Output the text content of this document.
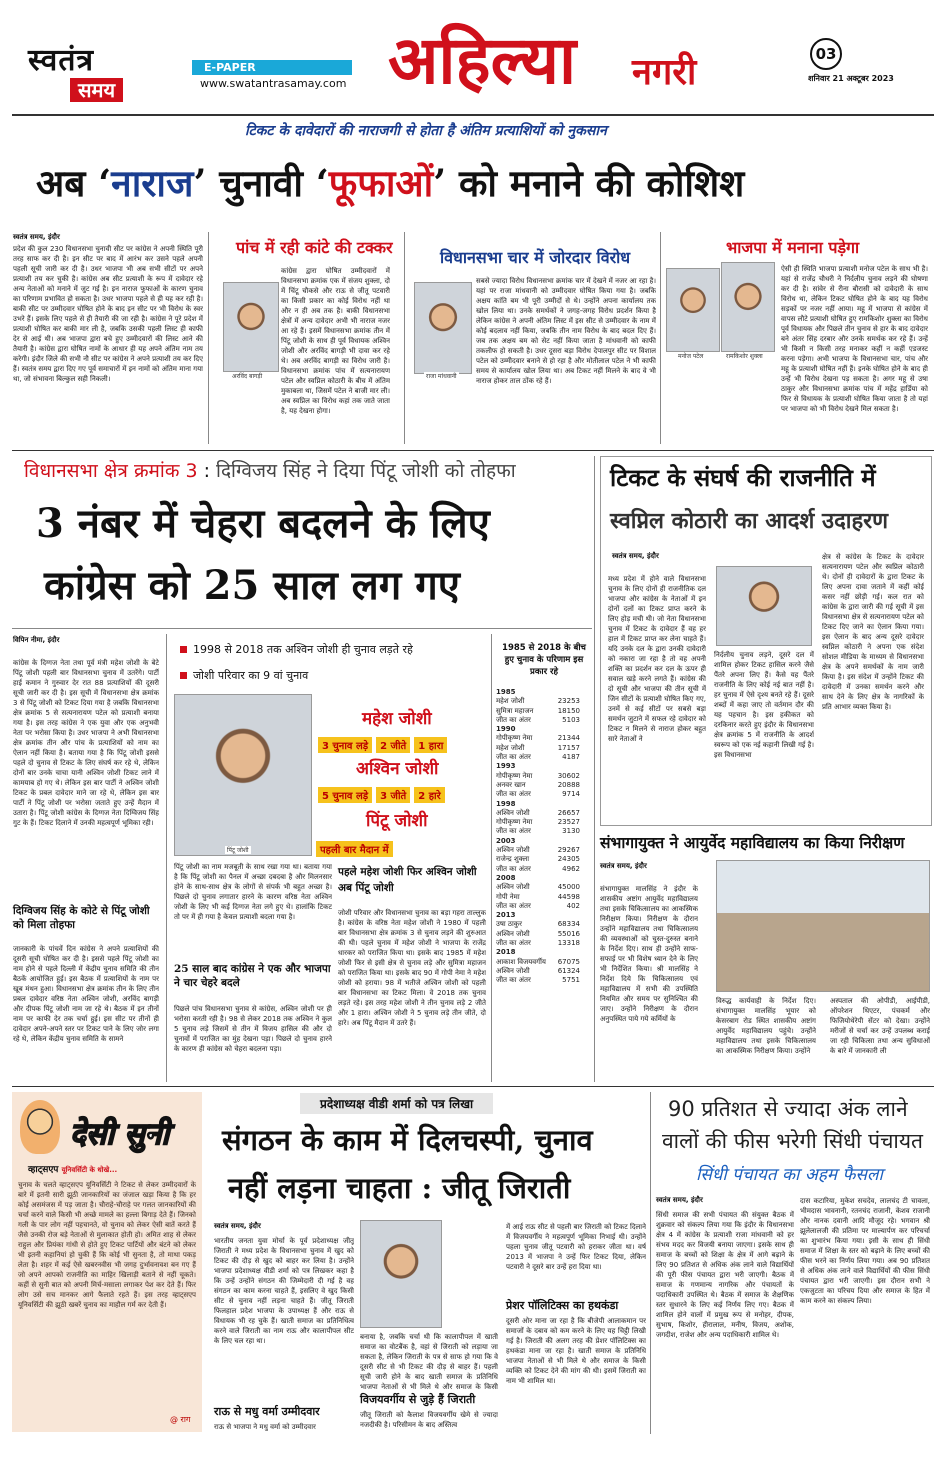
स्वतंत्र
समय
E-PAPER
www.swatantrasamay.com अहिल्या नगरी	03
शनिवार 21 अक्टूबर 2023
टिकट के दावेदारों की नाराजगी से होता है अंतिम प्रत्याशियों को नुकसान
अब ‘नाराज’ चुनावी ‘फूफाओं’ को मनाने की कोशिश
स्वतंत्र समय, इंदौर
प्रदेश की कुल 230 विधानसभा चुनावी सीट पर कांग्रेस ने अपनी स्थिति पूरी तरह साफ कर दी है। इन सीट पर बाद में आरंभ कर उसने पहले अपनी पहली सूची जारी कर दी है। उधर भाजपा भी अब सभी सीटों पर अपने प्रत्याशी तय कर चुकी है। कांग्रेस अब सीट प्रत्याशी के रूप में दावेदार रहे अन्य नेताओं को मनाने में जुट गई है। इन नाराज फूफाओं के कारण चुनाव का परिणाम प्रभावित हो सकता है। उधर भाजपा पहले से ही यह कर रही है। बाकी सीट पर उम्मीदवार घोषित होने के बाद इन सीट पर भी विरोध के स्वर उभरे हैं। इसके लिए पहले से ही तैयारी की जा रही है। कांग्रेस ने पूरे प्रदेश में प्रत्याशी घोषित कर बाकी मार ली है, जबकि उसकी पहली लिस्ट ही काफी देर से आई थी। अब भाजपा द्वारा बचे हुए उम्मीदवारों की लिस्ट आने की तैयारी है। कांग्रेस द्वारा घोषित नामों के आधार ही यह अपने अंतिम नाम तय करेगी। इंदौर जिले की सभी नौ सीट पर कांग्रेस ने अपने प्रत्याशी तय कर दिए हैं। स्वतंत्र समय द्वारा दिए गए पूर्व समाचारों में इन नामों को अंतिम माना गया था, जो संभावना बिल्कुल सही निकली।
पांच में रही कांटे की टक्कर
अरविंद बागड़ी
कांग्रेस द्वारा घोषित उम्मीदवारों में विधानसभा क्रमांक एक में संजय शुक्ला, दो में चिंटू चौकसे और राऊ से जीतू पटवारी का किसी प्रकार का कोई विरोध नहीं था और न ही अब तक है। बाकी विधानसभा क्षेत्रों में अन्य दावेदार अभी भी नाराज नजर आ रहे हैं। इसमें विधानसभा क्रमांक तीन में पिंटू जोशी के साथ ही पूर्व विधायक अश्विन जोशी और अरविंद बागड़ी भी दावा कर रहे थे। अब अरविंद बागड़ी का विरोध जारी है। विधानसभा क्रमांक पांच में सत्यनारायण पटेल और स्वप्निल कोठारी के बीच में अंतिम मुकाबला था, जिसमें पटेल ने बाजी मार ली। अब स्वप्निल का विरोध कहां तक जाते जाता है, यह देखना होगा।
विधानसभा चार में जोरदार विरोध
राजा मांधवानी
सबसे ज्यादा विरोध विधानसभा क्रमांक चार में देखने में नजर आ रहा है। यहां पर राजा मांधवानी को उम्मीदवार घोषित किया गया है। जबकि अक्षय कांति बम भी पूरी उम्मीदों से थे। उन्होंने अपना कार्यालय तक खोल लिया था। उनके समर्थकों ने जगह-जगह विरोध प्रदर्शन किया है लेकिन कांग्रेस ने अपनी अंतिम लिस्ट में इस सीट से उम्मीदवार के नाम में कोई बदलाव नहीं किया, जबकि तीन नाम विरोध के बाद बदल दिए हैं। जब तक अक्षय बम को सेट नहीं किया जाता है मांधवानी को काफी तकलीफ हो सकती है। उधर दूसरा बड़ा विरोध देपालपुर सीट पर विशाल पटेल को उम्मीदवार बनाने से हो रहा है और मोतीलाल पटेल ने भी काफी समय से कार्यालय खोल लिया था। अब टिकट नहीं मिलने के बाद वे भी नाराज होकर ताल ठोंक रहे हैं।
भाजपा में मनाना पड़ेगा
मनोज पटेल	रामकिशोर शुक्ला
ऐसी ही स्थिति भाजपा प्रत्याशी मनोज पटेल के साथ भी है। यहां से राजेंद्र चौधरी ने निर्दलीय चुनाव लड़ने की घोषणा कर दी है। सांवेर से रीना बौरासी को दावेदारी के साथ विरोध था, लेकिन टिकट घोषित होने के बाद यह विरोध सड़कों पर नजर नहीं आया। महू में भाजपा से कांग्रेस में वापस लौटे प्रत्याशी घोषित हुए रामकिशोर शुक्ला का विरोध पूर्व विधायक और पिछले तीन चुनाव से हार के बाद दावेदार बने अंतर सिंह दरबार और उनके समर्थक कर रहे हैं। उन्हें भी किसी न किसी तरह मनाकर कहीं न कहीं एडजस्ट करना पड़ेगा। अभी भाजपा के विधानसभा चार, पांच और महू के प्रत्याशी घोषित नहीं हैं। इनके घोषित होने के बाद ही उन्हें भी विरोध देखना पड़ सकता है। अगर महू से उषा ठाकुर और विधानसभा क्रमांक पांच में महेंद्र हार्डिया को फिर से विधायक के प्रत्याशी घोषित किया जाता है तो यहां पर भाजपा को भी विरोध देखने मिल सकता है।
विधानसभा क्षेत्र क्रमांक 3 : दिग्विजय सिंह ने दिया पिंटू जोशी को तोहफा
3 नंबर में चेहरा बदलने के लिए
कांग्रेस को 25 साल लग गए
विपिन नीमा, इंदौर
कांग्रेस के दिग्गज नेता तथा पूर्व मंत्री महेश जोशी के बेटे पिंटू जोशी पहली बार विधानसभा चुनाव में उतरेंगे। पार्टी हाई कमान ने गुरुवार देर रात 88 प्रत्याशियों की दूसरी सूची जारी कर दी है। इस सूची में विधानसभा क्षेत्र क्रमांक 3 से पिंटू जोशी को टिकट दिया गया है जबकि विधानसभा क्षेत्र क्रमांक 5 से सत्यनारायण पटेल को प्रत्याशी बनाया गया है। इस तरह कांग्रेस ने एक युवा और एक अनुभवी नेता पर भरोसा किया है। उधर भाजपा ने अभी विधानसभा क्षेत्र क्रमांक तीन और पांच के प्रत्याशियों को नाम का ऐलान नहीं किया है। बताया गया है कि पिंटू जोशी इससे पहले दो चुनाव से टिकट के लिए संघर्ष कर रहे थे, लेकिन दोनों बार उनके चाचा यानी अश्विन जोशी टिकट लाने में कामयाब हो गए थे। लेकिन इस बार पार्टी ने अश्विन जोशी टिकट के प्रबल दावेदार माने जा रहे थे, लेकिन इस बार पार्टी ने पिंटू जोशी पर भरोसा जताते हुए उन्हें मैदान में उतारा है। पिंटू जोशी कांग्रेस के दिग्गज नेता दिग्विजय सिंह गुट के हैं। टिकट दिलाने में उनकी महत्वपूर्ण भूमिका रही।
दिग्विजय सिंह के कोटे से पिंटू जोशी को मिला तोहफा
जानकारी के पांचवें दिन कांग्रेस ने अपने प्रत्याशियों की दूसरी सूची घोषित कर दी है। इससे पहले पिंटू जोशी का नाम होने से पहले दिल्ली में केंद्रीय चुनाव समिति की तीन बैठकें आयोजित हुई। इस बैठक में प्रत्याशियों के नाम पर खूब मंथन हुआ। विधानसभा क्षेत्र क्रमांक तीन के लिए तीन प्रबल दावेदार वरिष्ठ नेता अश्विन जोशी, अरविंद बागड़ी और दीपक पिंटू जोशी नाम जा रहे थे। बैठक में इन तीनों नाम पर काफी देर तक चर्चा हुई। इस सीट पर तीनों ही दावेदार अपने-अपने स्तर पर टिकट पाने के लिए जोर लगा रहे थे, लेकिन केंद्रीय चुनाव समिति के सामने
1998 से 2018 तक अश्विन जोशी ही चुनाव लड़ते रहे
जोशी परिवार का 9 वां चुनाव
पिंटू जोशी
महेश जोशी
3 चुनाव लड़े 2 जीते 1 हारा
अश्विन जोशी
5 चुनाव लड़े 3 जीते 2 हारे
पिंटू जोशी
पहली बार मैदान में
पिंटू जोशी का नाम मजबूती के साथ रखा गया था। बताया गया है कि पिंटू जोशी का पैनल में अच्छा दबदबा है और मिलनसार होने के साथ-साथ क्षेत्र के लोगों से संपर्क भी बहुत अच्छा है। पिछले दो चुनाव लगातार हारने के कारण वरिष्ठ नेता अश्विन जोशी के लिए भी कई दिग्गज नेता लगे हुए थे। हालांकि टिकट तो पर में ही गया है केवल प्रत्याशी बदला गया है।
25 साल बाद कांग्रेस ने एक और भाजपा ने चार चेहरे बदले
पिछले पांच विधानसभा चुनाव से कांग्रेस, अश्विन जोशी पर ही भरोसा करती रही है। 98 से लेकर 2018 तक अश्विन ने कुल 5 चुनाव लड़े जिसमें से तीन में विजय हासिल की और दो चुनावों में पराजित का मुंह देखना पड़ा। पिछले दो चुनाव हारने के कारण ही कांग्रेस को चेहरा बदलना पड़ा।
पहले महेश जोशी फिर अश्विन जोशी अब पिंटू जोशी
जोशी परिवार और विधानसभा चुनाव का बड़ा गहरा ताल्लुक है। कांग्रेस के वरिष्ठ नेता महेश जोशी ने 1980 में पहली बार विधानसभा क्षेत्र क्रमांक 3 से चुनाव लड़ने की शुरुआत की थी। पहले चुनाव में महेश जोशी ने भाजपा के राजेंद्र धारकर को पराजित किया था। इसके बाद 1985 में महेश जोशी फिर से इसी क्षेत्र से चुनाव लड़े और सुमित्रा महाजन को पराजित किया था। इसके बाद 90 में गोपी नेमा ने महेश जोशी को हराया। 98 में भतीजे अश्विन जोशी को पहली बार विधानसभा का टिकट मिला। वे 2018 तक चुनाव लड़ते रहे। इस तरह महेश जोशी ने तीन चुनाव लड़े 2 जीते और 1 हारा। अश्विन जोशी ने 5 चुनाव लड़े तीन जीते, दो हारे। अब पिंटू मैदान में उतरे हैं।
1985 से 2018 के बीच हुए चुनाव के परिणाम इस प्रकार रहे
1985
महेश जोशी	23253
सुमित्रा महाजन	18150
जीत का अंतर	5103
1990
गोपीकृष्ण नेमा	21344
महेश जोशी	17157
जीत का अंतर	4187
1993
गोपीकृष्ण नेमा	30602
अनवर खान	20888
जीत का अंतर	9714
1998
अश्विन जोशी	26657
गोपीकृष्ण नेमा	23527
जीत का अंतर	3130
2003
अश्विन जोशी	29267
राजेन्द्र शुक्ला	24305
जीत का अंतर	4962
2008
अश्विन जोशी	45000
गोपी नेमा	44598
जीत का अंतर	402
2013
उषा ठाकुर	68334
अश्विन जोशी	55016
जीत का अंतर	13318
2018
आकाश विजयवर्गीय 67075
अश्विन जोशी	61324
जीत का अंतर	5751
टिकट के संघर्ष की राजनीति में
स्वप्निल कोठारी का आदर्श उदाहरण
स्वतंत्र समय, इंदौर
मध्य प्रदेश में होने वाले विधानसभा चुनाव के लिए दोनों ही राजनीतिक दल भाजपा और कांग्रेस के नेताओं में इन दोनों दलों का टिकट प्राप्त करने के लिए होड़ मची थी। जो नेता विधानसभा चुनाव में टिकट के दावेदार हैं वह हर हाल में टिकट प्राप्त कर लेना चाहते हैं। यदि उनके दल के द्वारा उनकी दावेदारी को नकारा जा रहा है तो वह अपनी शक्ति का प्रदर्शन कर दल के ऊपर ही सवाल खड़े करने लगते हैं। कांग्रेस की दो सूची और भाजपा की तीन सूची में जिन सीटों के प्रत्याशी घोषित किए गए, उनमें से कई सीटों पर सबसे बड़ा समर्थन जुटाने में सफल रहे दावेदार को टिकट न मिलने से नाराज होकर बहुत सारे नेताओं ने
निर्दलीय चुनाव लड़ने, दूसरे दल में शामिल होकर टिकट हासिल करने जैसे पैंतरे अपना लिए हैं। कैसे यह पैंतरे राजनीति के लिए कोई नई बात नहीं है। हर चुनाव में ऐसे दृश्य बनते रहे हैं। दूसरे शब्दों में कहा जाए तो वर्तमान दौर की यह पहचान है। इस हकीकत को दरकिनार करते हुए इंदौर के विधानसभा क्षेत्र क्रमांक 5 में राजनीति के आदर्श स्वरूप को एक नई कहानी लिखी गई है। इस विधानसभा
क्षेत्र से कांग्रेस के टिकट के दावेदार सत्यनारायण पटेल और स्वप्निल कोठारी थे। दोनों ही दावेदारों के द्वारा टिकट के लिए अपना दावा जताने में कहीं कोई कसर नहीं छोड़ी गई। कल रात को कांग्रेस के द्वारा जारी की गई सूची में इस विधानसभा क्षेत्र से सत्यनारायण पटेल को टिकट दिए जाने का ऐलान किया गया। इस ऐलान के बाद अन्य दूसरे दावेदार स्वप्निल कोठारी ने अपना एक संदेश सोशल मीडिया के माध्यम से विधानसभा क्षेत्र के अपने समर्थकों के नाम जारी किया है। इस संदेश में उन्होंने टिकट की दावेदारी में उनका समर्थन करने और साथ देने के लिए क्षेत्र के नागरिकों के प्रति आभार व्यक्त किया है।
संभागायुक्त ने आयुर्वेद महाविद्यालय का किया निरीक्षण
स्वतंत्र समय, इंदौर
संभागायुक्त मालसिंह ने इंदौर के शासकीय अष्टांग आयुर्वेद महाविद्यालय तथा इसके चिकित्सालय का आकस्मिक निरीक्षण किया। निरीक्षण के दौरान उन्होंने महाविद्यालय तथा चिकित्सालय की व्यवस्थाओं को चुस्त-दुरुस्त बनाने के निर्देश दिए। साथ ही उन्होंने साफ-सफाई पर भी विशेष ध्यान देने के लिए भी निर्देशित किया। श्री मालसिंह ने निर्देश दिये कि चिकित्सालय एवं महाविद्यालय में सभी की उपस्थिति नियमित और समय पर सुनिश्चित की जाए। उन्होंने निरीक्षण के दौरान अनुपस्थित पाये गये कर्मियों के
विरुद्ध कार्यवाही के निर्देश दिए। संभागायुक्त मालसिंह भूयार को केसरबाग रोड स्थित शासकीय अष्टांग आयुर्वेद महाविद्यालय पहुंचे। उन्होंने महाविद्यालय तथा इसके चिकित्सालय का आकस्मिक निरीक्षण किया। उन्होंने
अस्पताल की ओपीडी, आईपीडी, ऑपरेशन थिएटर, पंचकर्म और फिजियोथेरेपी सेंटर को देखा। उन्होंने मरीजों से चर्चा कर उन्हें उपलब्ध कराई जा रही चिकित्सा तथा अन्य सुविधाओं के बारे में जानकारी ली
देसी सुनी
व्हाट्सएप यूनिवर्सिटी के धोखे...
चुनाव के चलते व्हाट्सएप यूनिवर्सिटी ने टिकट से लेकर उम्मीदवारों के बारे में इतनी सारी झूठी जानकारियों का जंजाल खड़ा किया है कि हर कोई असमंजस में पड़ जाता है। चौराहे-चौराहे पर गलत जानकारियों की चर्चा करने वाले किसी भी अच्छे मामले का हल्ला बिगाड़ देते हैं। जिनको गली के पार लोग नहीं पहचानते, वो चुनाव को लेकर ऐसी बातें करते हैं जैसे उनकी रोज बड़े नेताओं से मुलाकात होती हो। अमित शाह से लेकर राहुल और प्रियंका गांधी से होते हुए टिकट पार्टियों और बंटने को लेकर भी इतनी कहानियां हो चुकी हैं कि कोई भी सुनता है, तो माथा पकड़ लेता है। शहर में कई ऐसे खबरनवीस भी जगह दुर्भावनावश बन गए हैं जो अपने आपको राजनीति का माहिर खिलाड़ी बताने से नहीं चूकते। कहीं से सुनी बात को अपनी मिर्च-मसाला लगाकर पेश कर देते हैं। फिर लोग उसे सच मानकर आगे फैलाते रहते हैं। इस तरह व्हाट्सएप यूनिवर्सिटी की झूठी खबरें चुनाव का माहौल गर्म कर देती हैं।
@ राग
प्रदेशाध्यक्ष वीडी शर्मा को पत्र लिखा
संगठन के काम में दिलचस्पी, चुनाव
नहीं लड़ना चाहता : जीतू जिराती
स्वतंत्र समय, इंदौर
भारतीय जनता युवा मोर्चा के पूर्व प्रदेशाध्यक्ष जीतू जिराती ने मध्य प्रदेश के विधानसभा चुनाव में खुद को टिकट की दौड़ से खुद को बाहर कर लिया है। उन्होंने भाजपा प्रदेशाध्यक्ष वीडी शर्मा को पत्र लिखकर कहा है कि उन्हें उन्होंने संगठन की जिम्मेदारी दी गई है वह संगठन का काम करना चाहते हैं, इसलिए वे खुद किसी सीट से चुनाव नहीं लड़ना चाहते हैं। जीतू जिराती फिलहाल प्रदेश भाजपा के उपाध्यक्ष हैं और राऊ से विधायक भी रह चुके हैं। खाती समाज का प्रतिनिधित्व करने वाले जिराती का नाम राऊ और कालापीपल सीट के लिए चल रहा था।
राऊ से मधु वर्मा उम्मीदवार
राऊ से भाजपा ने मधु वर्मा को उम्मीदवार
बनाया है, जबकि चर्चा थी कि कालापीपल में खाती समाज का वोटबैंक है, वहां से जिराती को लड़ाया जा सकता है, लेकिन जिराती के पत्र से साफ हो गया कि वे दूसरी सीट से भी टिकट की दौड़ से बाहर हैं। पहली सूची जारी होने के बाद खाती समाज के प्रतिनिधि भाजपा नेताओं से भी मिले थे और समाज के किसी
विजयवर्गीय से जुड़े हैं जिराती
जीतू जिराती को कैलाश विजयवर्गीय खेमे से ज्यादा नजदीकी है। परिसीमन के बाद अस्तित्व
में आई राऊ सीट से पहली बार जिराती को टिकट दिलाने में विजयवर्गीय ने महत्वपूर्ण भूमिका निभाई थी। उन्होंने पहला चुनाव जीतू पटवारी को हराकर जीता था। वर्ष 2013 में भाजपा ने उन्हें फिर टिकट दिया, लेकिन पटवारी ने दूसरे बार उन्हें हरा दिया था।
प्रेशर पॉलिटिक्स का हथकंडा
दूसरी ओर माना जा रहा है कि बीजेपी आलाकमान पर समाजों के दबाव को कम करने के लिए यह चिट्ठी लिखी गई है। जिराती की अलग तरह की प्रेशर पॉलिटिक्स का हथकंडा माना जा रहा है। खाती समाज के प्रतिनिधि भाजपा नेताओं से भी मिले थे और समाज के किसी व्यक्ति को टिकट देने की मांग की थी। इसमें जिराती का नाम भी शामिल था।
90 प्रतिशत से ज्यादा अंक लाने
वालों की फीस भरेगी सिंधी पंचायत
सिंधी पंचायत का अहम फैसला
स्वतंत्र समय, इंदौर
सिंधी समाज की सभी पंचायत की संयुक्त बैठक में शुक्रवार को संकल्प लिया गया कि इंदौर के विधानसभा क्षेत्र 4 में कांग्रेस के प्रत्याशी राजा मांधवानी को हर संभव मदद कर विजयी बनाया जाएगा। इसके साथ ही समाज के बच्चों को शिक्षा के क्षेत्र में आगे बढ़ाने के लिए 90 प्रतिशत से अधिक अंक लाने वाले विद्यार्थियों की पूरी फीस पंचायत द्वारा भरी जाएगी। बैठक में समाज के गणमान्य नागरिक और पंचायतों के पदाधिकारी उपस्थित थे। बैठक में समाज के शैक्षणिक स्तर सुधारने के लिए कई निर्णय लिए गए। बैठक में शामिल होने वालों में प्रमुख रूप से मनोहर, दीपक, सुभाष, किशोर, हीरालाल, मनीष, विजय, अशोक, जगदीश, राजेश और अन्य पदाधिकारी शामिल थे।
दास कटारिया, मुकेश सचदेव, लालचंद टी चावला, भीमदास भावनानी, रतनचंद राजानी, केशव राजानी और नानक दवानी आदि मौजूद रहे। भगवान श्री झूलेलालजी की प्रतिमा पर माल्यार्पण कर परिचर्चा का शुभारंभ किया गया। इसी के साथ ही सिंधी समाज में शिक्षा के स्तर को बढ़ाने के लिए बच्चों की फीस भरने का निर्णय लिया गया। अब 90 प्रतिशत से अधिक अंक लाने वाले विद्यार्थियों की फीस सिंधी पंचायत द्वारा भरी जाएगी। इस दौरान सभी ने एकजुटता का परिचय दिया और समाज के हित में काम करने का संकल्प लिया।
